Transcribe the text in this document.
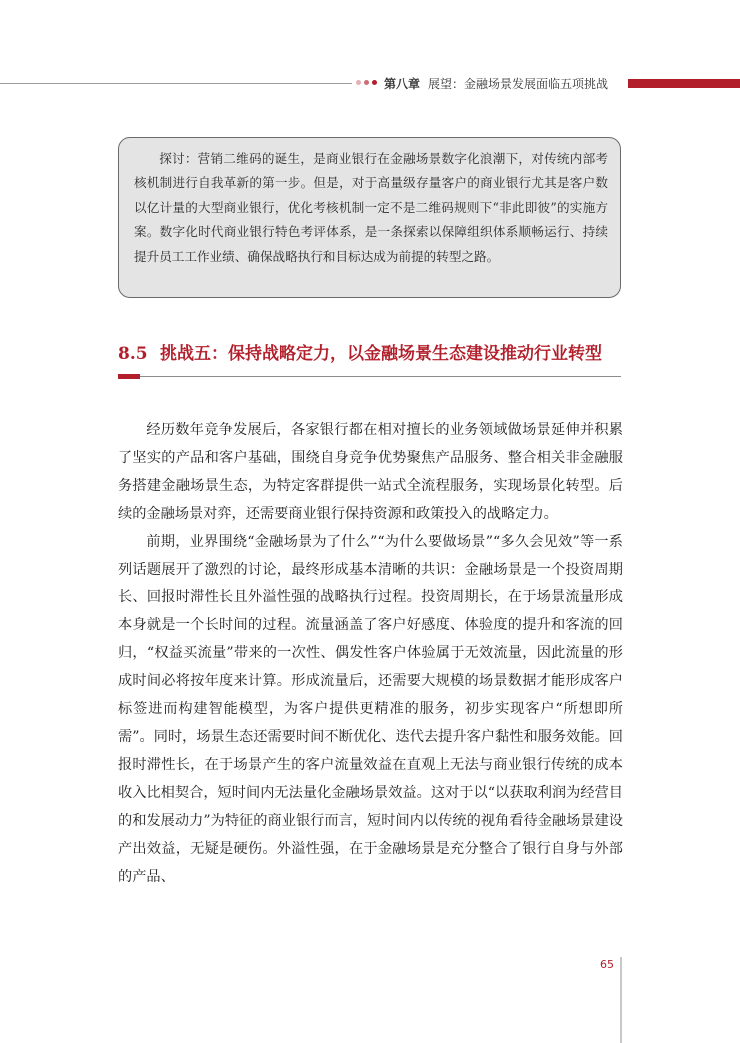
第八章 展望：金融场景发展面临五项挑战

探讨：营销二维码的诞生，是商业银行在金融场景数字化浪潮下，对传统内部考核机制进行自我革新的第一步。但是，对于高量级存量客户的商业银行尤其是客户数以亿计量的大型商业银行，优化考核机制一定不是二维码规则下“非此即彼”的实施方案。数字化时代商业银行特色考评体系，是一条探索以保障组织体系顺畅运行、持续提升员工工作业绩、确保战略执行和目标达成为前提的转型之路。

8.5 挑战五：保持战略定力，以金融场景生态建设推动行业转型

经历数年竞争发展后，各家银行都在相对擅长的业务领域做场景延伸并积累了坚实的产品和客户基础，围绕自身竞争优势聚焦产品服务、整合相关非金融服务搭建金融场景生态，为特定客群提供一站式全流程服务，实现场景化转型。后续的金融场景对弈，还需要商业银行保持资源和政策投入的战略定力。

前期，业界围绕“金融场景为了什么”“为什么要做场景”“多久会见效”等一系列话题展开了激烈的讨论，最终形成基本清晰的共识：金融场景是一个投资周期长、回报时滞性长且外溢性强的战略执行过程。投资周期长，在于场景流量形成本身就是一个长时间的过程。流量涵盖了客户好感度、体验度的提升和客流的回归，“权益买流量”带来的一次性、偶发性客户体验属于无效流量，因此流量的形成时间必将按年度来计算。形成流量后，还需要大规模的场景数据才能形成客户标签进而构建智能模型，为客户提供更精准的服务，初步实现客户“所想即所需”。同时，场景生态还需要时间不断优化、迭代去提升客户黏性和服务效能。回报时滞性长，在于场景产生的客户流量效益在直观上无法与商业银行传统的成本收入比相契合，短时间内无法量化金融场景效益。这对于以“以获取利润为经营目的和发展动力”为特征的商业银行而言，短时间内以传统的视角看待金融场景建设产出效益，无疑是硬伤。外溢性强，在于金融场景是充分整合了银行自身与外部的产品、

65
